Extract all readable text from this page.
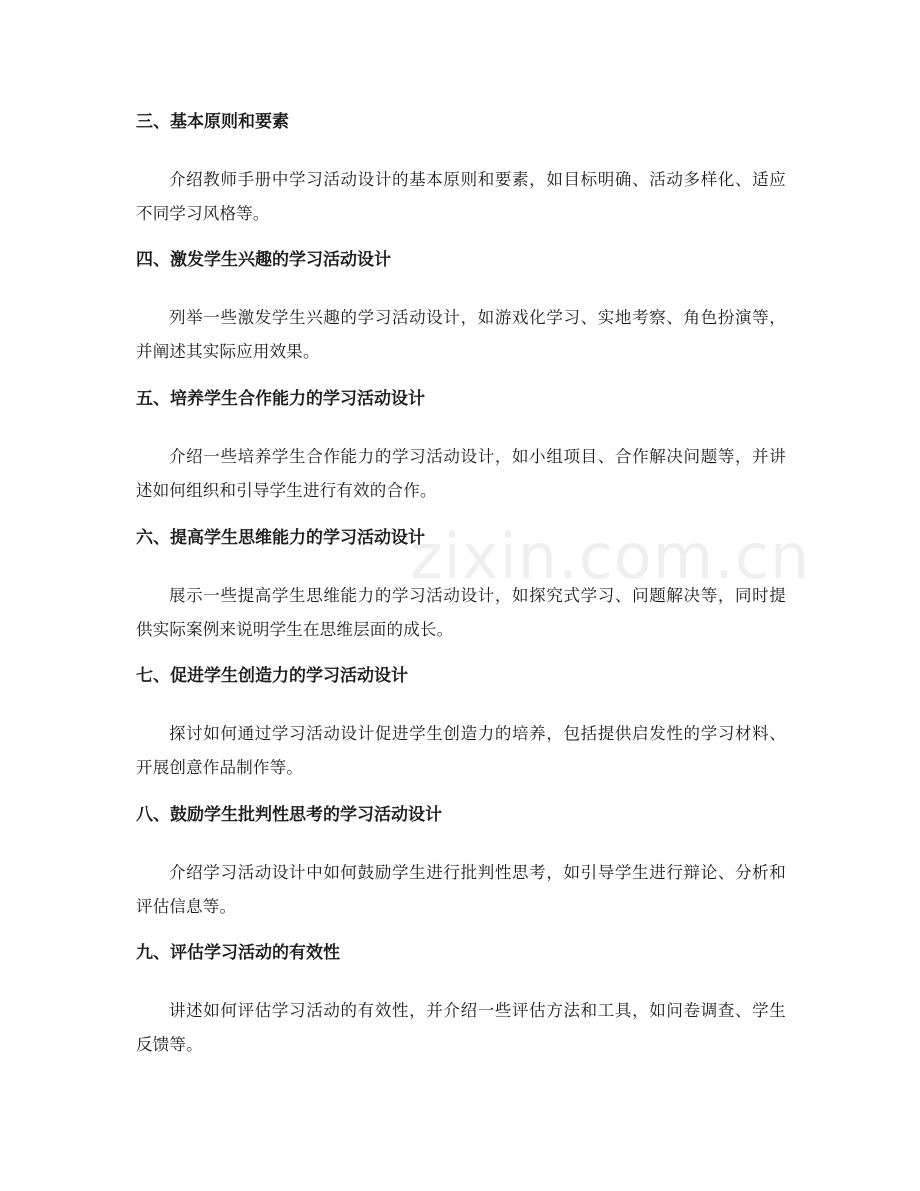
三、基本原则和要素

介绍教师手册中学习活动设计的基本原则和要素，如目标明确、活动多样化、适应不同学习风格等。

四、激发学生兴趣的学习活动设计

列举一些激发学生兴趣的学习活动设计，如游戏化学习、实地考察、角色扮演等，并阐述其实际应用效果。

五、培养学生合作能力的学习活动设计

介绍一些培养学生合作能力的学习活动设计，如小组项目、合作解决问题等，并讲述如何组织和引导学生进行有效的合作。

六、提高学生思维能力的学习活动设计

展示一些提高学生思维能力的学习活动设计，如探究式学习、问题解决等，同时提供实际案例来说明学生在思维层面的成长。

七、促进学生创造力的学习活动设计

探讨如何通过学习活动设计促进学生创造力的培养，包括提供启发性的学习材料、开展创意作品制作等。

八、鼓励学生批判性思考的学习活动设计

介绍学习活动设计中如何鼓励学生进行批判性思考，如引导学生进行辩论、分析和评估信息等。

九、评估学习活动的有效性

讲述如何评估学习活动的有效性，并介绍一些评估方法和工具，如问卷调查、学生反馈等。

zixin.com.cn
